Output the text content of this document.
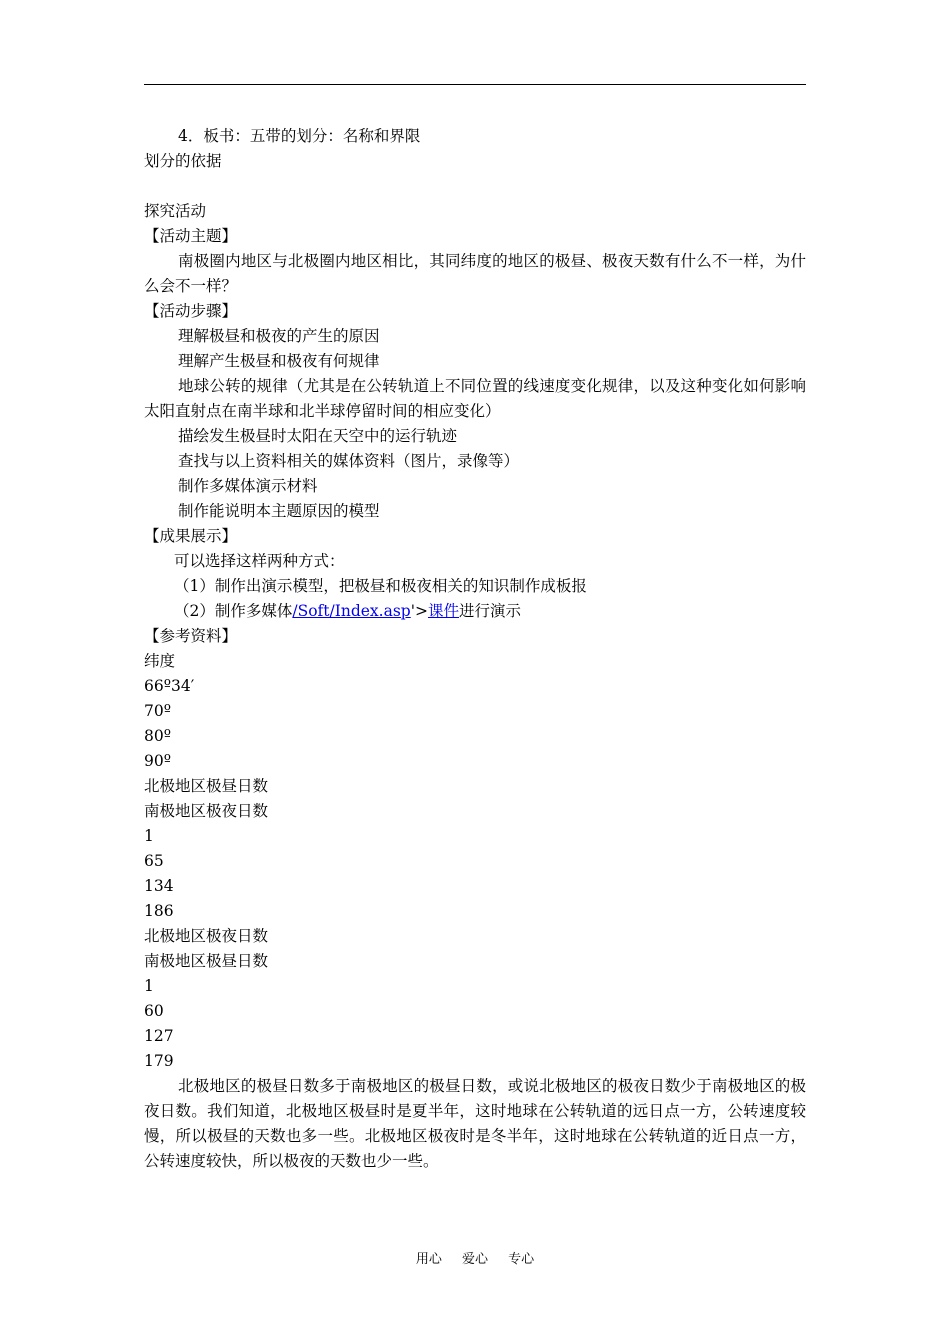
4．板书：五带的划分：名称和界限
划分的依据
探究活动
【活动主题】
南极圈内地区与北极圈内地区相比，其同纬度的地区的极昼、极夜天数有什么不一样，为什么会不一样？
【活动步骤】
理解极昼和极夜的产生的原因
理解产生极昼和极夜有何规律
地球公转的规律（尤其是在公转轨道上不同位置的线速度变化规律，以及这种变化如何影响太阳直射点在南半球和北半球停留时间的相应变化）
描绘发生极昼时太阳在天空中的运行轨迹
查找与以上资料相关的媒体资料（图片，录像等）
制作多媒体演示材料
制作能说明本主题原因的模型
【成果展示】
可以选择这样两种方式：
（1）制作出演示模型，把极昼和极夜相关的知识制作成板报
（2）制作多媒体/Soft/Index.asp'>课件进行演示
【参考资料】
纬度
66º34′
70º
80º
90º
北极地区极昼日数
南极地区极夜日数
1
65
134
186
北极地区极夜日数
南极地区极昼日数
1
60
127
179
北极地区的极昼日数多于南极地区的极昼日数，或说北极地区的极夜日数少于南极地区的极夜日数。我们知道，北极地区极昼时是夏半年，这时地球在公转轨道的远日点一方，公转速度较慢，所以极昼的天数也多一些。北极地区极夜时是冬半年，这时地球在公转轨道的近日点一方，公转速度较快，所以极夜的天数也少一些。
用心 爱心 专心
